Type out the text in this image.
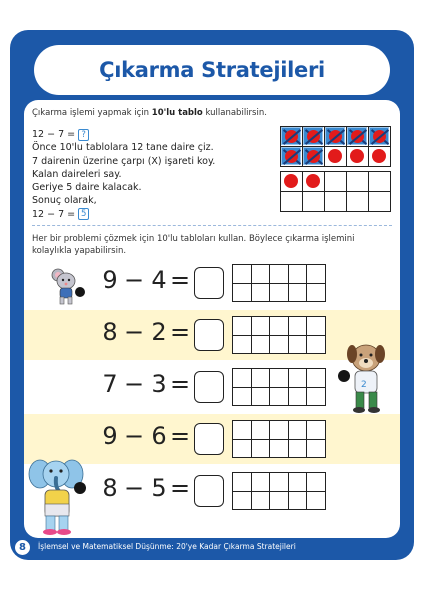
Çıkarma Stratejileri
Çıkarma işlemi yapmak için 10'lu tablo kullanabilirsin.
12 − 7 = ?
Önce 10'lu tablolara 12 tane daire çiz.
7 dairenin üzerine çarpı (X) işareti koy.
Kalan daireleri say.
Geriye 5 daire kalacak.
Sonuç olarak,
12 − 7 = 5

Her bir problemi çözmek için 10'lu tabloları kullan. Böylece çıkarma işlemini kolaylıkla yapabilirsin.
9 − 4=

8 − 2=

7 − 3=

9 − 6=

8 − 5=

2
8	İşlemsel ve Matematiksel Düşünme: 20'ye Kadar Çıkarma Stratejileri
